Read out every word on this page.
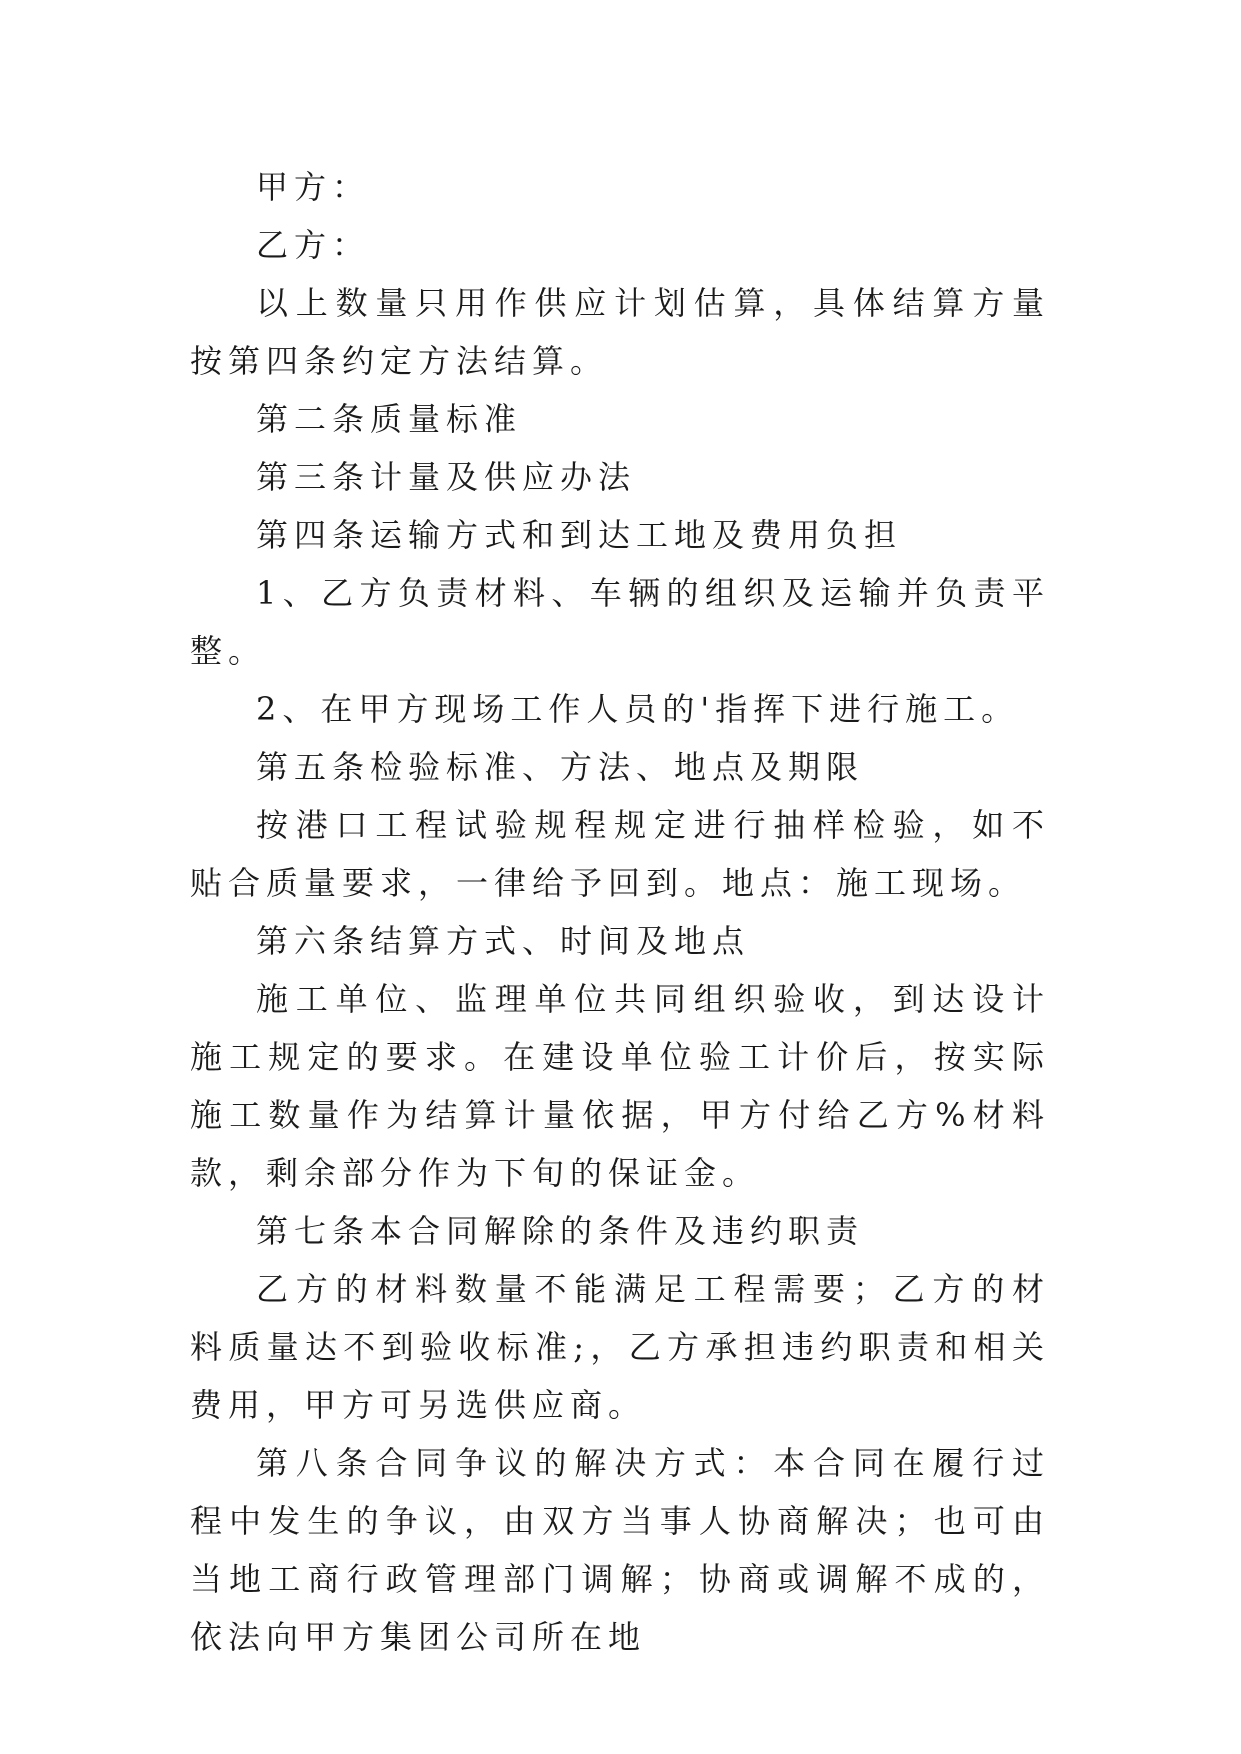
甲方：

乙方：

以上数量只用作供应计划估算，具体结算方量按第四条约定方法结算。

第二条质量标准

第三条计量及供应办法

第四条运输方式和到达工地及费用负担

1、乙方负责材料、车辆的组织及运输并负责平整。

2、在甲方现场工作人员的'指挥下进行施工。

第五条检验标准、方法、地点及期限

按港口工程试验规程规定进行抽样检验，如不贴合质量要求，一律给予回到。地点：施工现场。

第六条结算方式、时间及地点

施工单位、监理单位共同组织验收，到达设计施工规定的要求。在建设单位验工计价后，按实际施工数量作为结算计量依据，甲方付给乙方%材料款，剩余部分作为下旬的保证金。

第七条本合同解除的条件及违约职责

乙方的材料数量不能满足工程需要；乙方的材料质量达不到验收标准;，乙方承担违约职责和相关费用，甲方可另选供应商。

第八条合同争议的解决方式：本合同在履行过程中发生的争议，由双方当事人协商解决；也可由当地工商行政管理部门调解；协商或调解不成的，依法向甲方集团公司所在地
